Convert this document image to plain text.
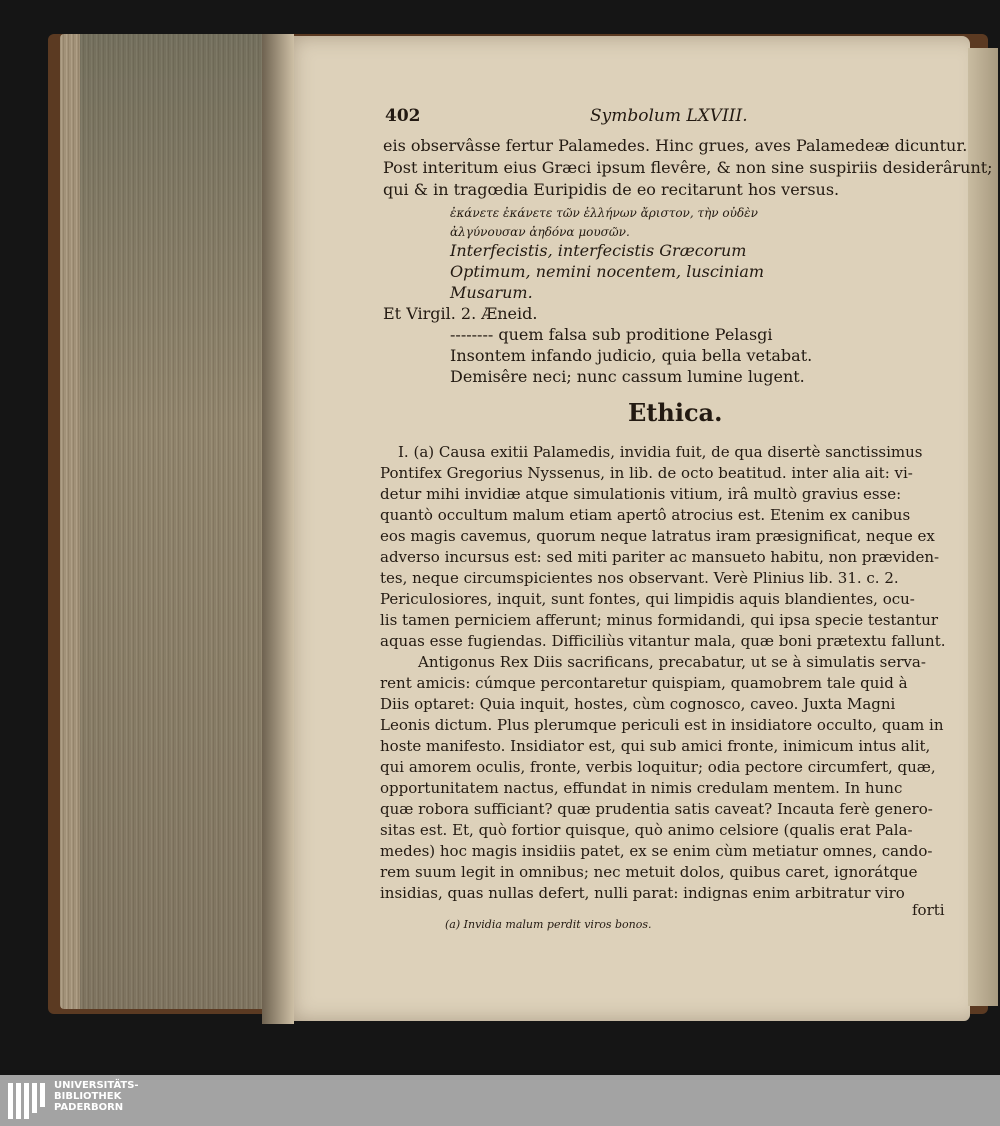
402	Symbolum LXVIII.
eis observâsse fertur Palamedes. Hinc grues, aves Palamedeæ dicuntur.
Post interitum eius Græci ipsum flevêre, & non sine suspiriis desiderârunt;
qui & in tragœdia Euripidis de eo recitarunt hos versus.
ἐκάνετε ἐκάνετε τῶν ἑλλήνων ἄριστον, τὴν οὐδὲν
ἀλγύνουσαν ἀηδόνα μουσῶν.
Interfecistis, interfecistis Græcorum
Optimum, nemini nocentem, lusciniam
Musarum.
Et Virgil. 2. Æneid.
-------- quem falsa sub proditione Pelasgi
Insontem infando judicio, quia bella vetabat.
Demisêre neci; nunc cassum lumine lugent.
Ethica.
I. (a) Causa exitii Palamedis, invidia fuit, de qua disertè sanctissimus
Pontifex Gregorius Nyssenus, in lib. de octo beatitud. inter alia ait: vi-
detur mihi invidiæ atque simulationis vitium, irâ multò gravius esse:
quantò occultum malum etiam apertô atrocius est. Etenim ex canibus
eos magis cavemus, quorum neque latratus iram præsignificat, neque ex
adverso incursus est: sed miti pariter ac mansueto habitu, non præviden-
tes, neque circumspicientes nos observant. Verè Plinius lib. 31. c. 2.
Periculosiores, inquit, sunt fontes, qui limpidis aquis blandientes, ocu-
lis tamen perniciem afferunt; minus formidandi, qui ipsa specie testantur
aquas esse fugiendas. Difficiliùs vitantur mala, quæ boni prætextu fallunt.
Antigonus Rex Diis sacrificans, precabatur, ut se à simulatis serva-
rent amicis: cúmque percontaretur quispiam, quamobrem tale quid à
Diis optaret: Quia inquit, hostes, cùm cognosco, caveo. Juxta Magni
Leonis dictum. Plus plerumque periculi est in insidiatore occulto, quam in
hoste manifesto. Insidiator est, qui sub amici fronte, inimicum intus alit,
qui amorem oculis, fronte, verbis loquitur; odia pectore circumfert, quæ,
opportunitatem nactus, effundat in nimis credulam mentem. In hunc
quæ robora sufficiant? quæ prudentia satis caveat? Incauta ferè genero-
sitas est. Et, quò fortior quisque, quò animo celsiore (qualis erat Pala-
medes) hoc magis insidiis patet, ex se enim cùm metiatur omnes, cando-
rem suum legit in omnibus; nec metuit dolos, quibus caret, ignorátque
insidias, quas nullas defert, nulli parat: indignas enim arbitratur viro
forti
(a) Invidia malum perdit viros bonos.
UNIVERSITÄTS-
BIBLIOTHEK
PADERBORN
